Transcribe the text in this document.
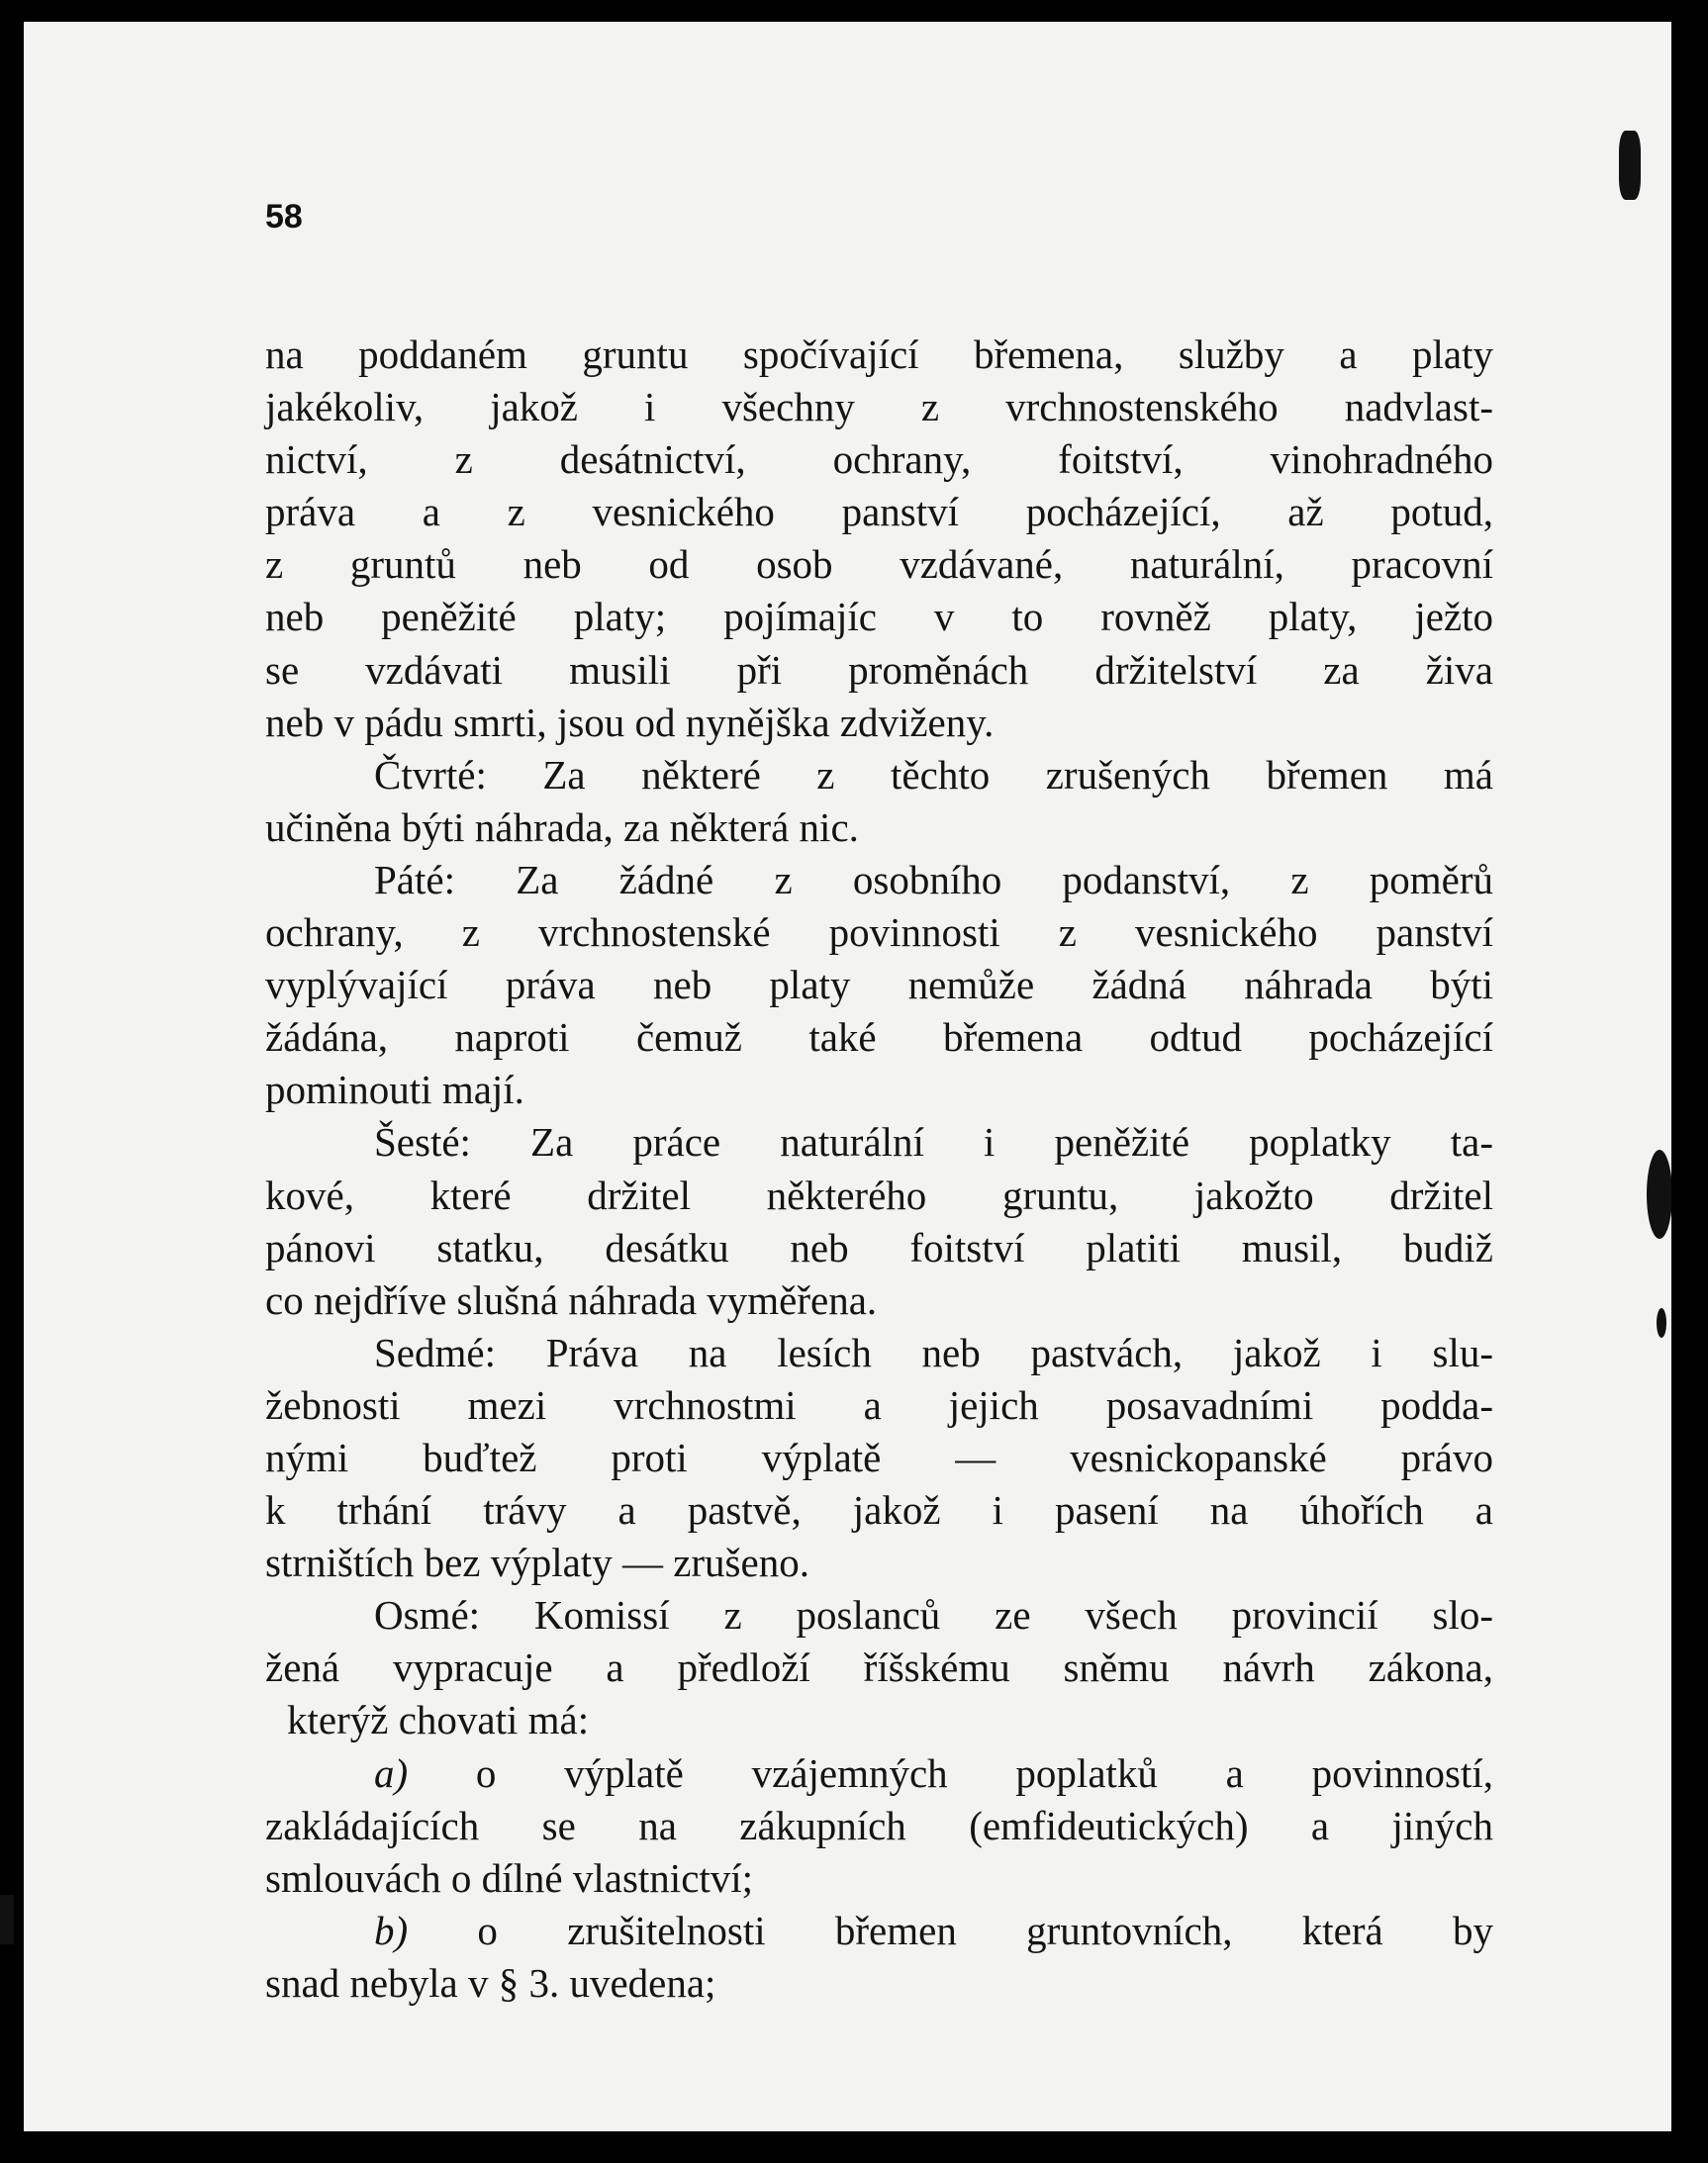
58
na poddaném gruntu spočívající břemena, služby a platy
jakékoliv, jakož i všechny z vrchnostenského nadvlast-
nictví, z desátnictví, ochrany, foitství, vinohradného
práva a z vesnického panství pocházející, až potud,
z gruntů neb od osob vzdávané, naturální, pracovní
neb peněžité platy; pojímajíc v to rovněž platy, ježto
se vzdávati musili při proměnách držitelství za živa
neb v pádu smrti, jsou od nynějška zdviženy.
Čtvrté: Za některé z těchto zrušených břemen má
učiněna býti náhrada, za některá nic.
Páté: Za žádné z osobního podanství, z poměrů
ochrany, z vrchnostenské povinnosti z vesnického panství
vyplývající práva neb platy nemůže žádná náhrada býti
žádána, naproti čemuž také břemena odtud pocházející
pominouti mají.
Šesté: Za práce naturální i peněžité poplatky ta-
kové, které držitel některého gruntu, jakožto držitel
pánovi statku, desátku neb foitství platiti musil, budiž
co nejdříve slušná náhrada vyměřena.
Sedmé: Práva na lesích neb pastvách, jakož i slu-
žebnosti mezi vrchnostmi a jejich posavadními podda-
nými buďtež proti výplatě — vesnickopanské právo
k trhání trávy a pastvě, jakož i pasení na úhořích a
strništích bez výplaty — zrušeno.
Osmé: Komissí z poslanců ze všech provincií slo-
žená vypracuje a předloží říšskému sněmu návrh zákona,
kterýž chovati má:
a) o výplatě vzájemných poplatků a povinností,
zakládajících se na zákupních (emfideutických) a jiných
smlouvách o dílné vlastnictví;
b) o zrušitelnosti břemen gruntovních, která by
snad nebyla v § 3. uvedena;
